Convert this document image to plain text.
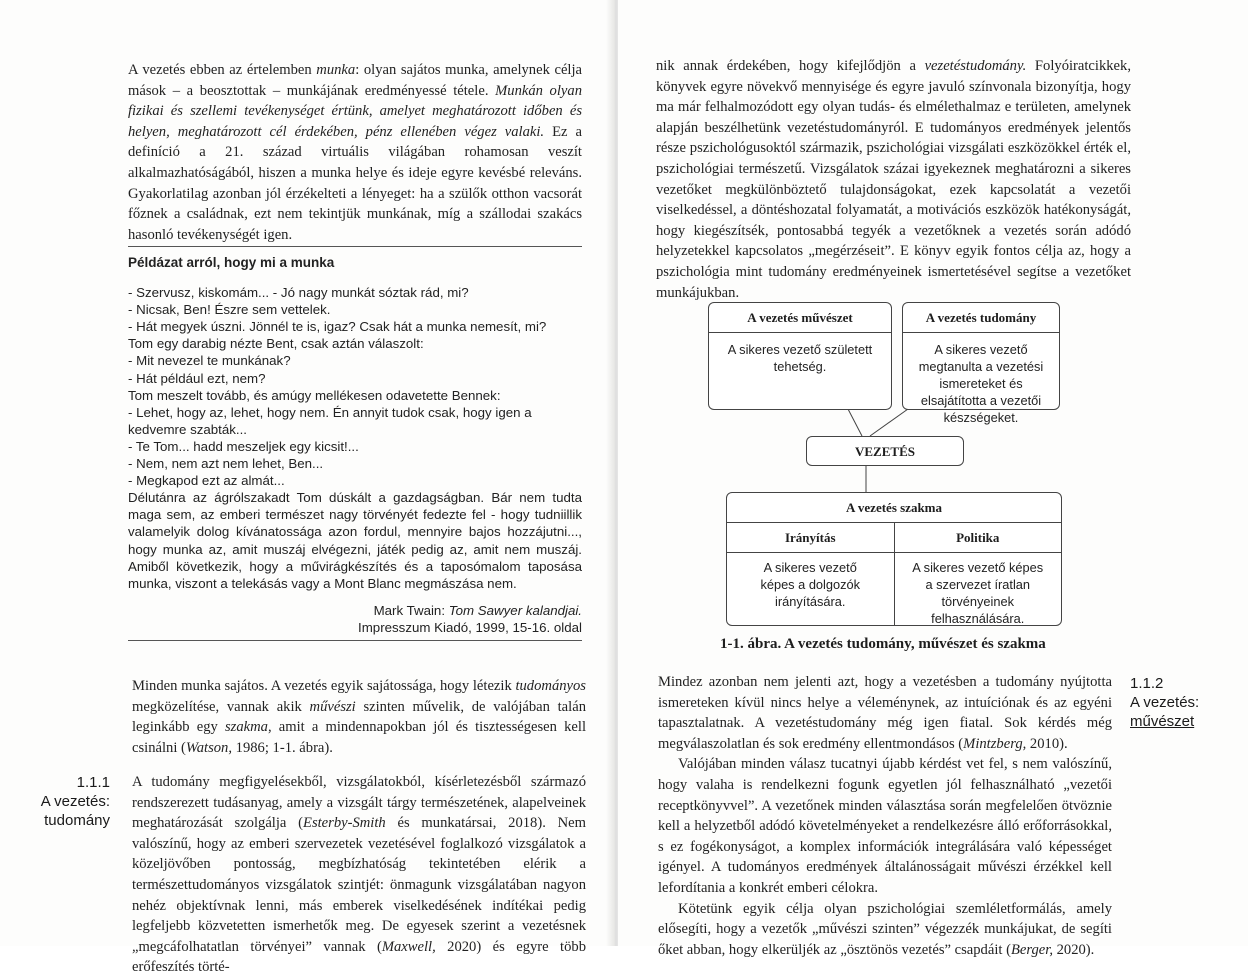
A vezetés ebben az értelemben munka: olyan sajátos munka, amelynek célja mások – a beosztottak – munkájának eredményessé tétele. Munkán olyan fizikai és szellemi tevékenységet értünk, amelyet meghatározott időben és helyen, meghatározott cél érdekében, pénz ellenében végez valaki. Ez a definíció a 21. század virtuális világában rohamosan veszít alkalmazhatóságából, hiszen a munka helye és ideje egyre kevésbé releváns. Gyakorlatilag azonban jól érzékelteti a lényeget: ha a szülők otthon vacsorát főznek a családnak, ezt nem tekintjük munkának, míg a szállodai szakács hasonló tevékenységét igen.

Példázat arról, hogy mi a munka
- Szervusz, kiskomám... - Jó nagy munkát sóztak rád, mi?
- Nicsak, Ben! Észre sem vettelek.
- Hát megyek úszni. Jönnél te is, igaz? Csak hát a munka nemesít, mi?
Tom egy darabig nézte Bent, csak aztán válaszolt:
- Mit nevezel te munkának?
- Hát például ezt, nem?
Tom meszelt tovább, és amúgy mellékesen odavetette Bennek:
- Lehet, hogy az, lehet, hogy nem. Én annyit tudok csak, hogy igen a kedvemre szabták...
- Te Tom... hadd meszeljek egy kicsit!...
- Nem, nem azt nem lehet, Ben...
- Megkapod ezt az almát...

Délutánra az ágrólszakadt Tom dúskált a gazdagságban. Bár nem tudta maga sem, az emberi természet nagy törvényét fedezte fel - hogy tudniillik valamelyik dolog kívánatossága azon fordul, mennyire bajos hozzájutni..., hogy munka az, amit muszáj elvégezni, játék pedig az, amit nem muszáj. Amiből következik, hogy a művirágkészítés és a taposómalom taposása munka, viszont a telekásás vagy a Mont Blanc megmászása nem.

Mark Twain: Tom Sawyer kalandjai.
Impresszum Kiadó, 1999, 15-16. oldal

Minden munka sajátos. A vezetés egyik sajátossága, hogy létezik tudományos megközelítése, vannak akik művészi szinten művelik, de valójában talán leginkább egy szakma, amit a mindennapokban jól és tisztességesen kell csinálni (Watson, 1986; 1-1. ábra).

A tudomány megfigyelésekből, vizsgálatokból, kísérletezésből származó rendszerezett tudásanyag, amely a vizsgált tárgy természetének, alapelveinek meghatározását szolgálja (Esterby-Smith és munkatársai, 2018). Nem valószínű, hogy az emberi szervezetek vezetésével foglalkozó vizsgálatok a közeljövőben pontosság, megbízhatóság tekintetében elérik a természettudományos vizsgálatok szintjét: önmagunk vizsgálatában nagyon nehéz objektívnak lenni, más emberek viselkedésének indítékai pedig legfeljebb közvetetten ismerhetők meg. De egyesek szerint a vezetésnek „megcáfolhatatlan törvényei” vannak (Maxwell, 2020) és egyre több erőfeszítés törté-

1.1.1
A vezetés:
tudomány

nik annak érdekében, hogy kifejlődjön a vezetéstudomány. Folyóiratcikkek, könyvek egyre növekvő mennyisége és egyre javuló színvonala bizonyítja, hogy ma már felhalmozódott egy olyan tudás- és elmélethalmaz e területen, amelynek alapján beszélhetünk vezetéstudományról. E tudományos eredmények jelentős része pszichológusoktól származik, pszichológiai vizsgálati eszközökkel érték el, pszichológiai természetű. Vizsgálatok százai igyekeznek meghatározni a sikeres vezetőket megkülönböztető tulajdonságokat, ezek kapcsolatát a vezetői viselkedéssel, a döntéshozatal folyamatát, a motivációs eszközök hatékonyságát, hogy kiegészítsék, pontosabbá tegyék a vezetőknek a vezetés során adódó helyzetekkel kapcsolatos „megérzéseit”. E könyv egyik fontos célja az, hogy a pszichológia mint tudomány eredményeinek ismertetésével segítse a vezetőket munkájukban.

A vezetés művészet
A sikeres vezető született tehetség.
A vezetés tudomány
A sikeres vezető megtanulta a vezetési ismereteket és elsajátította a vezetői készségeket.
VEZETÉS
A vezetés szakma
Irányítás
A sikeres vezető képes a dolgozók irányítására.
Politika
A sikeres vezető képes a szervezet íratlan törvényeinek felhasználására.
1-1. ábra. A vezetés tudomány, művészet és szakma

Mindez azonban nem jelenti azt, hogy a vezetésben a tudomány nyújtotta ismereteken kívül nincs helye a véleménynek, az intuíciónak és az egyéni tapasztalatnak. A vezetéstudomány még igen fiatal. Sok kérdés még megválaszolatlan és sok eredmény ellentmondásos (Mintzberg, 2010).

Valójában minden válasz tucatnyi újabb kérdést vet fel, s nem valószínű, hogy valaha is rendelkezni fogunk egyetlen jól felhasználható „vezetői receptkönyvvel”. A vezetőnek minden választása során megfelelően ötvöznie kell a helyzetből adódó követelményeket a rendelkezésre álló erőforrásokkal, s ez fogékonyságot, a komplex információk integrálására való képességet igényel. A tudományos eredmények általánosságait művészi érzékkel kell lefordítania a konkrét emberi célokra.

Kötetünk egyik célja olyan pszichológiai szemléletformálás, amely elősegíti, hogy a vezetők „művészi szinten” végezzék munkájukat, de segíti őket abban, hogy elkerüljék az „ösztönös vezetés” csapdáit (Berger, 2020).

1.1.2
A vezetés:
művészet
